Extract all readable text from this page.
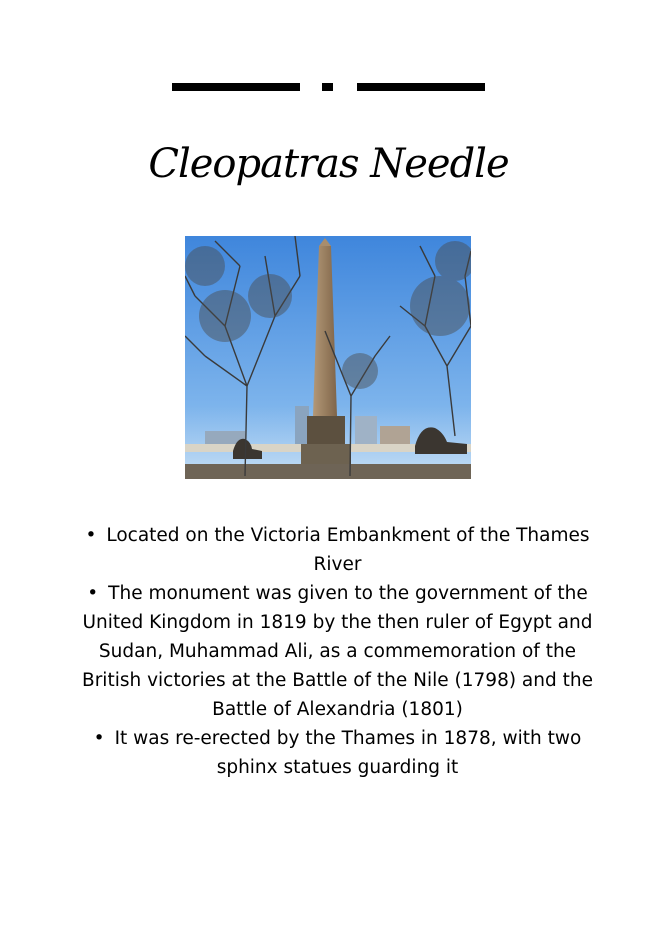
Cleopatras Needle
• Located on the Victoria Embankment of the Thames River
• The monument was given to the government of the United Kingdom in 1819 by the then ruler of Egypt and Sudan, Muhammad Ali, as a commemoration of the British victories at the Battle of the Nile (1798) and the Battle of Alexandria (1801)
• It was re-erected by the Thames in 1878, with two sphinx statues guarding it
